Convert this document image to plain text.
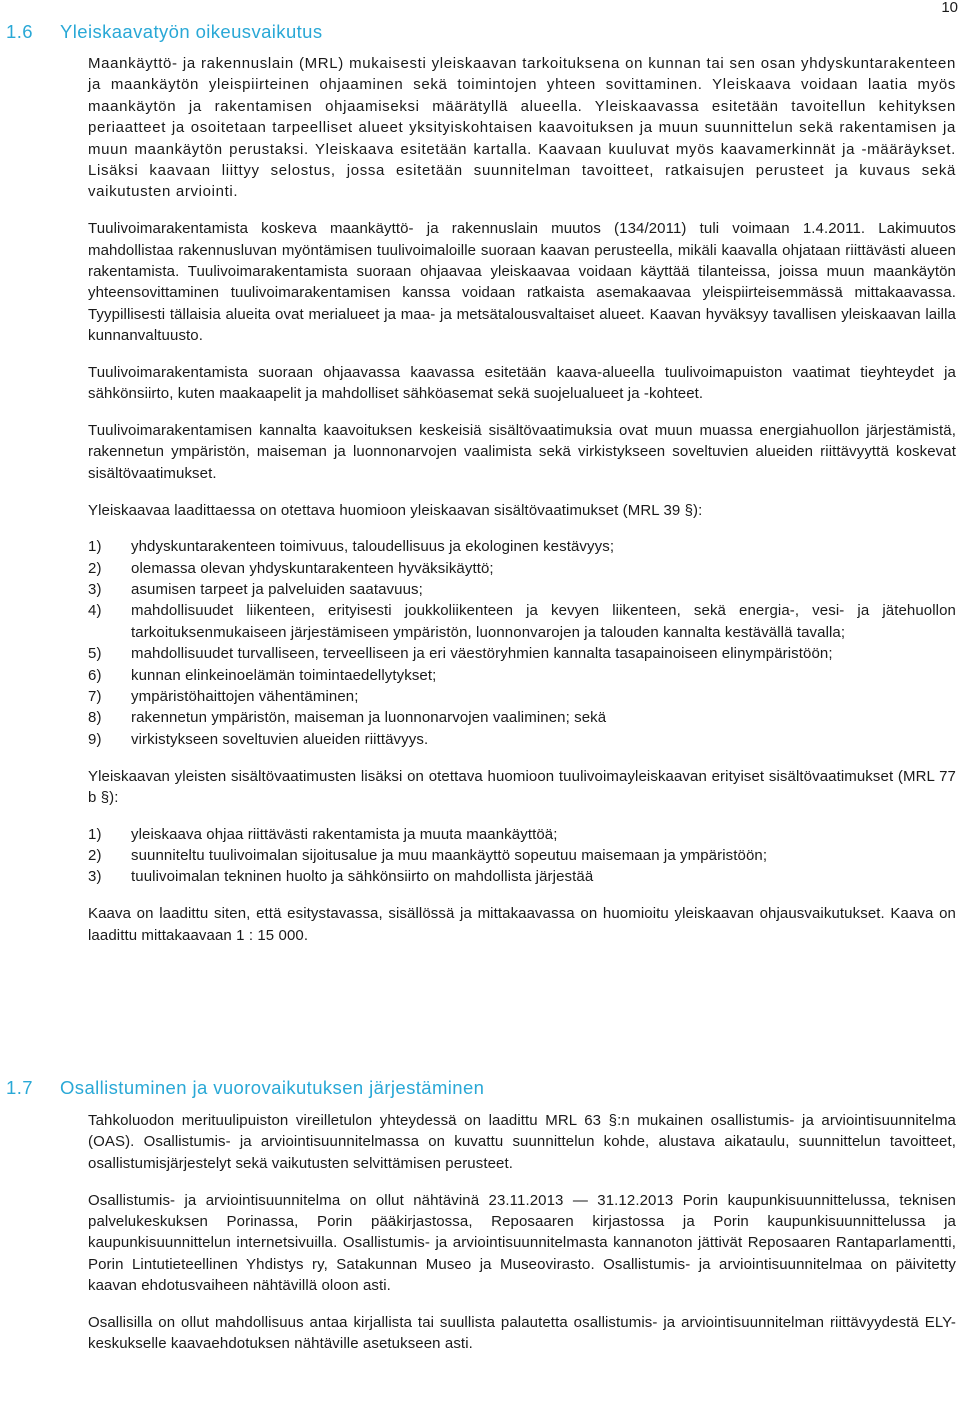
10
1.6 Yleiskaavatyön oikeusvaikutus

Maankäyttö- ja rakennuslain (MRL) mukaisesti yleiskaavan tarkoituksena on kunnan tai sen osan yhdyskuntarakenteen ja maankäytön yleispiirteinen ohjaaminen sekä toimintojen yhteen sovittaminen. Yleiskaava voidaan laatia myös maankäytön ja rakentamisen ohjaamiseksi määrätyllä alueella. Yleiskaavassa esitetään tavoitellun kehityksen periaatteet ja osoitetaan tarpeelliset alueet yksityiskohtaisen kaavoituksen ja muun suunnittelun sekä rakentamisen ja muun maankäytön perustaksi. Yleiskaava esitetään kartalla. Kaavaan kuuluvat myös kaavamerkinnät ja -määräykset. Lisäksi kaavaan liittyy selostus, jossa esitetään suunnitelman tavoitteet, ratkaisujen perusteet ja kuvaus sekä vaikutusten arviointi.

Tuulivoimarakentamista koskeva maankäyttö- ja rakennuslain muutos (134/2011) tuli voimaan 1.4.2011. Lakimuutos mahdollistaa rakennusluvan myöntämisen tuulivoimaloille suoraan kaavan perusteella, mikäli kaavalla ohjataan riittävästi alueen rakentamista. Tuulivoimarakentamista suoraan ohjaavaa yleiskaavaa voidaan käyttää tilanteissa, joissa muun maankäytön yhteensovittaminen tuulivoimarakentamisen kanssa voidaan ratkaista asemakaavaa yleispiirteisemmässä mittakaavassa. Tyypillisesti tällaisia alueita ovat merialueet ja maa- ja metsätalousvaltaiset alueet. Kaavan hyväksyy tavallisen yleiskaavan lailla kunnanvaltuusto.

Tuulivoimarakentamista suoraan ohjaavassa kaavassa esitetään kaava-alueella tuulivoimapuiston vaatimat tieyhteydet ja sähkönsiirto, kuten maakaapelit ja mahdolliset sähköasemat sekä suojelualueet ja -kohteet.

Tuulivoimarakentamisen kannalta kaavoituksen keskeisiä sisältövaatimuksia ovat muun muassa energiahuollon järjestämistä, rakennetun ympäristön, maiseman ja luonnonarvojen vaalimista sekä virkistykseen soveltuvien alueiden riittävyyttä koskevat sisältövaatimukset.

Yleiskaavaa laadittaessa on otettava huomioon yleiskaavan sisältövaatimukset (MRL 39 §):

1) yhdyskuntarakenteen toimivuus, taloudellisuus ja ekologinen kestävyys;
2) olemassa olevan yhdyskuntarakenteen hyväksikäyttö;
3) asumisen tarpeet ja palveluiden saatavuus;
4) mahdollisuudet liikenteen, erityisesti joukkoliikenteen ja kevyen liikenteen, sekä energia-, vesi- ja jätehuollon tarkoituksenmukaiseen järjestämiseen ympäristön, luonnonvarojen ja talouden kannalta kestävällä tavalla;
5) mahdollisuudet turvalliseen, terveelliseen ja eri väestöryhmien kannalta tasapainoiseen elinympäristöön;
6) kunnan elinkeinoelämän toimintaedellytykset;
7) ympäristöhaittojen vähentäminen;
8) rakennetun ympäristön, maiseman ja luonnonarvojen vaaliminen; sekä
9) virkistykseen soveltuvien alueiden riittävyys.

Yleiskaavan yleisten sisältövaatimusten lisäksi on otettava huomioon tuulivoimayleiskaavan erityiset sisältövaatimukset (MRL 77 b §):

1) yleiskaava ohjaa riittävästi rakentamista ja muuta maankäyttöä;
2) suunniteltu tuulivoimalan sijoitusalue ja muu maankäyttö sopeutuu maisemaan ja ympäristöön;
3) tuulivoimalan tekninen huolto ja sähkönsiirto on mahdollista järjestää

Kaava on laadittu siten, että esitystavassa, sisällössä ja mittakaavassa on huomioitu yleiskaavan ohjausvaikutukset. Kaava on laadittu mittakaavaan 1 : 15 000.

1.7 Osallistuminen ja vuorovaikutuksen järjestäminen

Tahkoluodon merituulipuiston vireilletulon yhteydessä on laadittu MRL 63 §:n mukainen osallistumis- ja arviointisuunnitelma (OAS). Osallistumis- ja arviointisuunnitelmassa on kuvattu suunnittelun kohde, alustava aikataulu, suunnittelun tavoitteet, osallistumisjärjestelyt sekä vaikutusten selvittämisen perusteet.

Osallistumis- ja arviointisuunnitelma on ollut nähtävinä 23.11.2013 — 31.12.2013 Porin kaupunkisuunnittelussa, teknisen palvelukeskuksen Porinassa, Porin pääkirjastossa, Reposaaren kirjastossa ja Porin kaupunkisuunnittelussa ja kaupunkisuunnittelun internetsivuilla. Osallistumis- ja arviointisuunnitelmasta kannanoton jättivät Reposaaren Rantaparlamentti, Porin Lintutieteellinen Yhdistys ry, Satakunnan Museo ja Museovirasto. Osallistumis- ja arviointisuunnitelmaa on päivitetty kaavan ehdotusvaiheen nähtävillä oloon asti.

Osallisilla on ollut mahdollisuus antaa kirjallista tai suullista palautetta osallistumis- ja arviointisuunnitelman riittävyydestä ELY-keskukselle kaavaehdotuksen nähtäville asetukseen asti.
